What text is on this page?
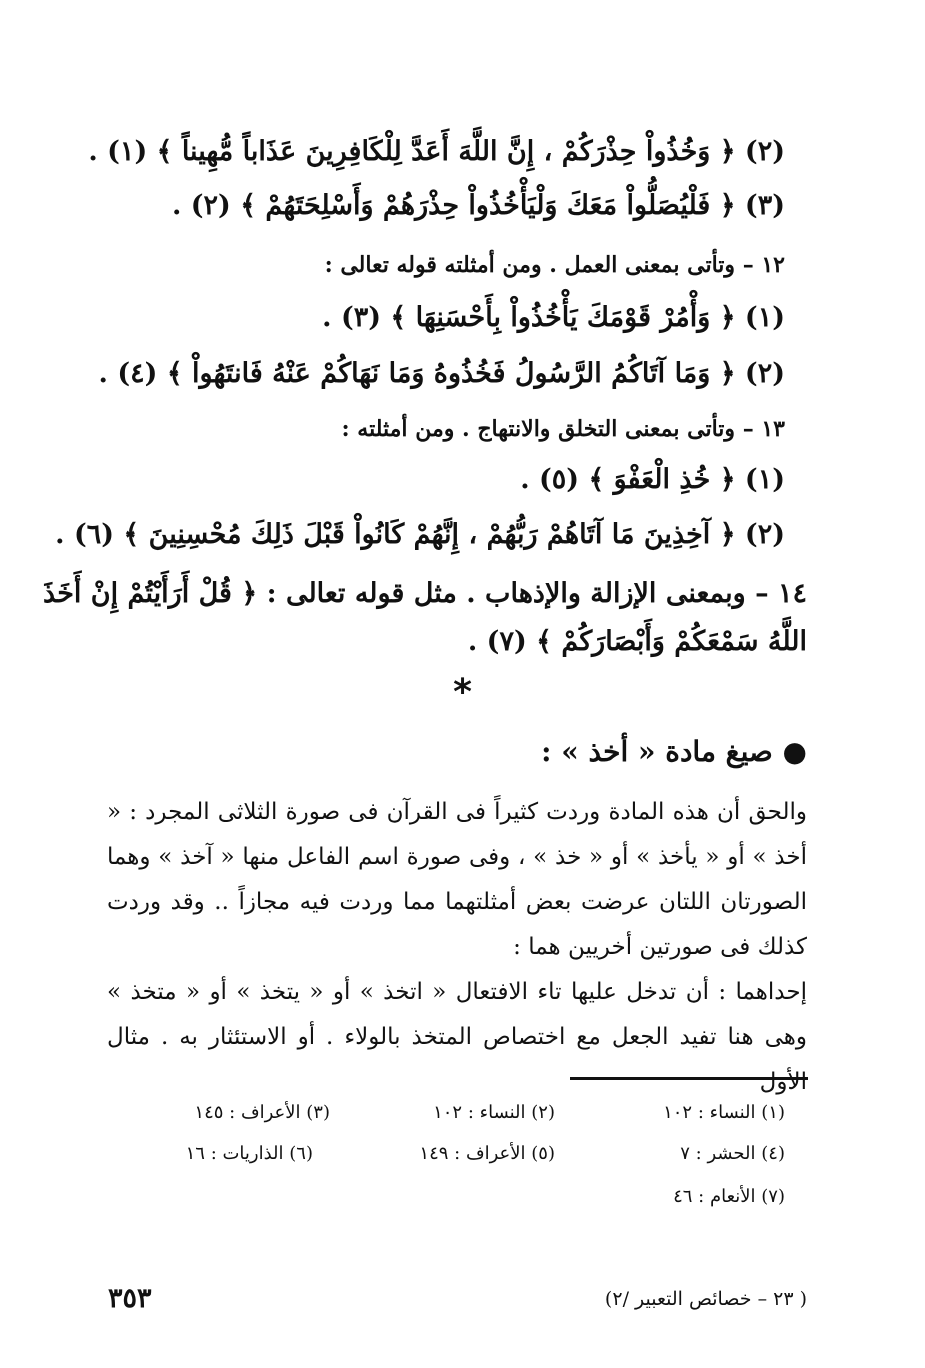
(٢) ﴿ وَخُذُواْ حِذْرَكُمْ ، إِنَّ اللَّهَ أَعَدَّ لِلْكَافِرِينَ عَذَاباً مُّهِيناً ﴾ (١) .
(٣) ﴿ فَلْيُصَلُّواْ مَعَكَ وَلْيَأْخُذُواْ حِذْرَهُمْ وَأَسْلِحَتَهُمْ ﴾ (٢) .
١٢ – وتأتى بمعنى العمل . ومن أمثلته قوله تعالى :
(١) ﴿ وَأْمُرْ قَوْمَكَ يَأْخُذُواْ بِأَحْسَنِهَا ﴾ (٣) .
(٢) ﴿ وَمَا آتَاكُمُ الرَّسُولُ فَخُذُوهُ وَمَا نَهَاكُمْ عَنْهُ فَانتَهُواْ ﴾ (٤) .
١٣ – وتأتى بمعنى التخلق والانتهاج . ومن أمثلته :
(١) ﴿ خُذِ الْعَفْوَ ﴾ (٥) .
(٢) ﴿ آخِذِينَ مَا آتَاهُمْ رَبُّهُمْ ، إِنَّهُمْ كَانُواْ قَبْلَ ذَلِكَ مُحْسِنِينَ ﴾ (٦) .
١٤ – وبمعنى الإزالة والإذهاب . مثل قوله تعالى : ﴿ قُلْ أَرَأَيْتُمْ إِنْ أَخَذَ
اللَّهُ سَمْعَكُمْ وَأَبْصَارَكُمْ ﴾ (٧) .
*
● صيغ مادة « أخذ » :
والحق أن هذه المادة وردت كثيراً فى القرآن فى صورة الثلاثى المجرد : « أخذ » أو « يأخذ » أو « خذ » ، وفى صورة اسم الفاعل منها « آخذ » وهما الصورتان اللتان عرضت بعض أمثلتهما مما وردت فيه مجازاً .. وقد وردت كذلك فى صورتين أخريين هما :
إحداهما : أن تدخل عليها تاء الافتعال « اتخذ » أو « يتخذ » أو « متخذ » وهى هنا تفيد الجعل مع اختصاص المتخذ بالولاء . أو الاستئثار به . مثال الأول
(١) النساء : ١٠٢
(٢) النساء : ١٠٢
(٣) الأعراف : ١٤٥
(٤) الحشر : ٧
(٥) الأعراف : ١٤٩
(٦) الذاريات : ١٦
(٧) الأنعام : ٤٦
٣٥٣	( ٢٣ – خصائص التعبير /٢)
